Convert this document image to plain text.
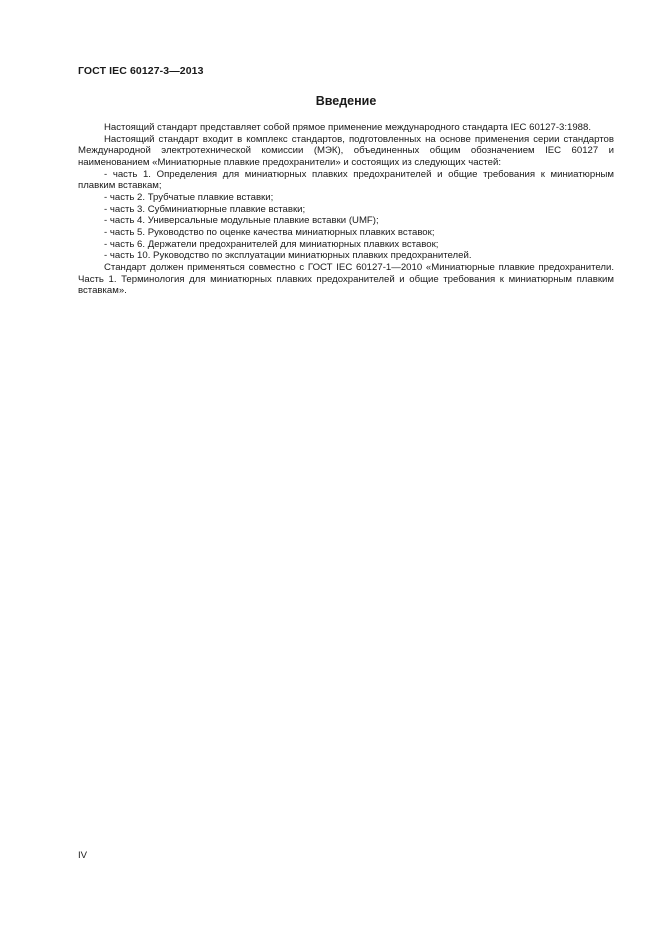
ГОСТ IEC 60127-3—2013
Введение

Настоящий стандарт представляет собой прямое применение международного стандарта IEC 60127-3:1988.

Настоящий стандарт входит в комплекс стандартов, подготовленных на основе применения серии стандартов Международной электротехнической комиссии (МЭК), объединенных общим обозначением IEC 60127 и наименованием «Миниатюрные плавкие предохранители» и состоящих из следующих частей:

- часть 1. Определения для миниатюрных плавких предохранителей и общие требования к миниатюрным плавким вставкам;

- часть 2. Трубчатые плавкие вставки;

- часть 3. Субминиатюрные плавкие вставки;

- часть 4. Универсальные модульные плавкие вставки (UMF);

- часть 5. Руководство по оценке качества миниатюрных плавких вставок;

- часть 6. Держатели предохранителей для миниатюрных плавких вставок;

- часть 10. Руководство по эксплуатации миниатюрных плавких предохранителей.

Стандарт должен применяться совместно с ГОСТ IEC 60127-1—2010 «Миниатюрные плавкие предохранители. Часть 1. Терминология для миниатюрных плавких предохранителей и общие требования к миниатюрным плавким вставкам».

IV
